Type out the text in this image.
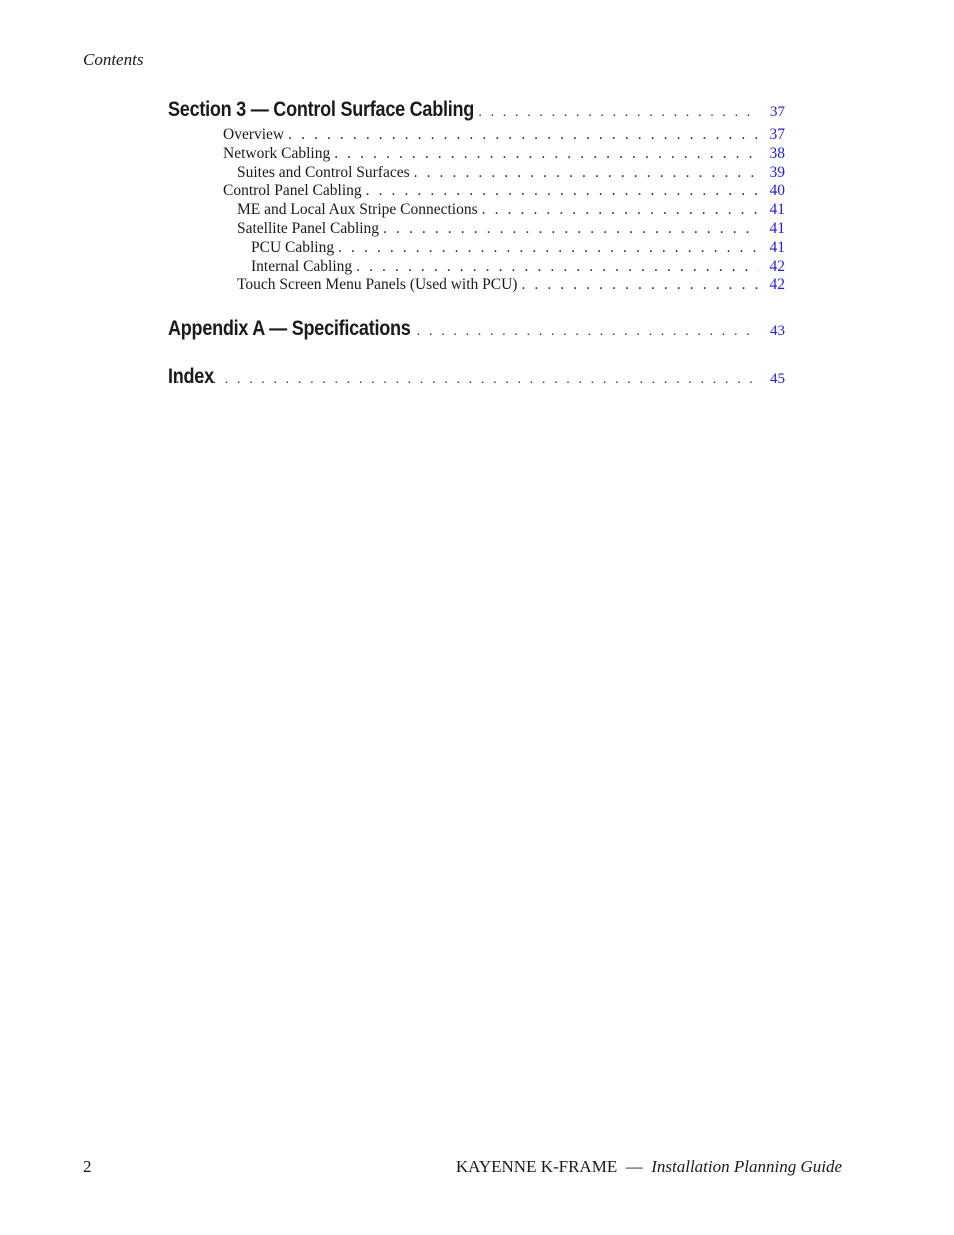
Contents
Section 3 — Control Surface Cabling . . .	37
Overview . . .	37
Network Cabling . . .	38
Suites and Control Surfaces . . .	39
Control Panel Cabling . . .	40
ME and Local Aux Stripe Connections . . .	41
Satellite Panel Cabling . . .	41
PCU Cabling . . .	41
Internal Cabling . . .	42
Touch Screen Menu Panels (Used with PCU) . . .	42
Appendix A — Specifications . . .	43
Index . . .	45
2	KAYENNE K-FRAME — Installation Planning Guide
